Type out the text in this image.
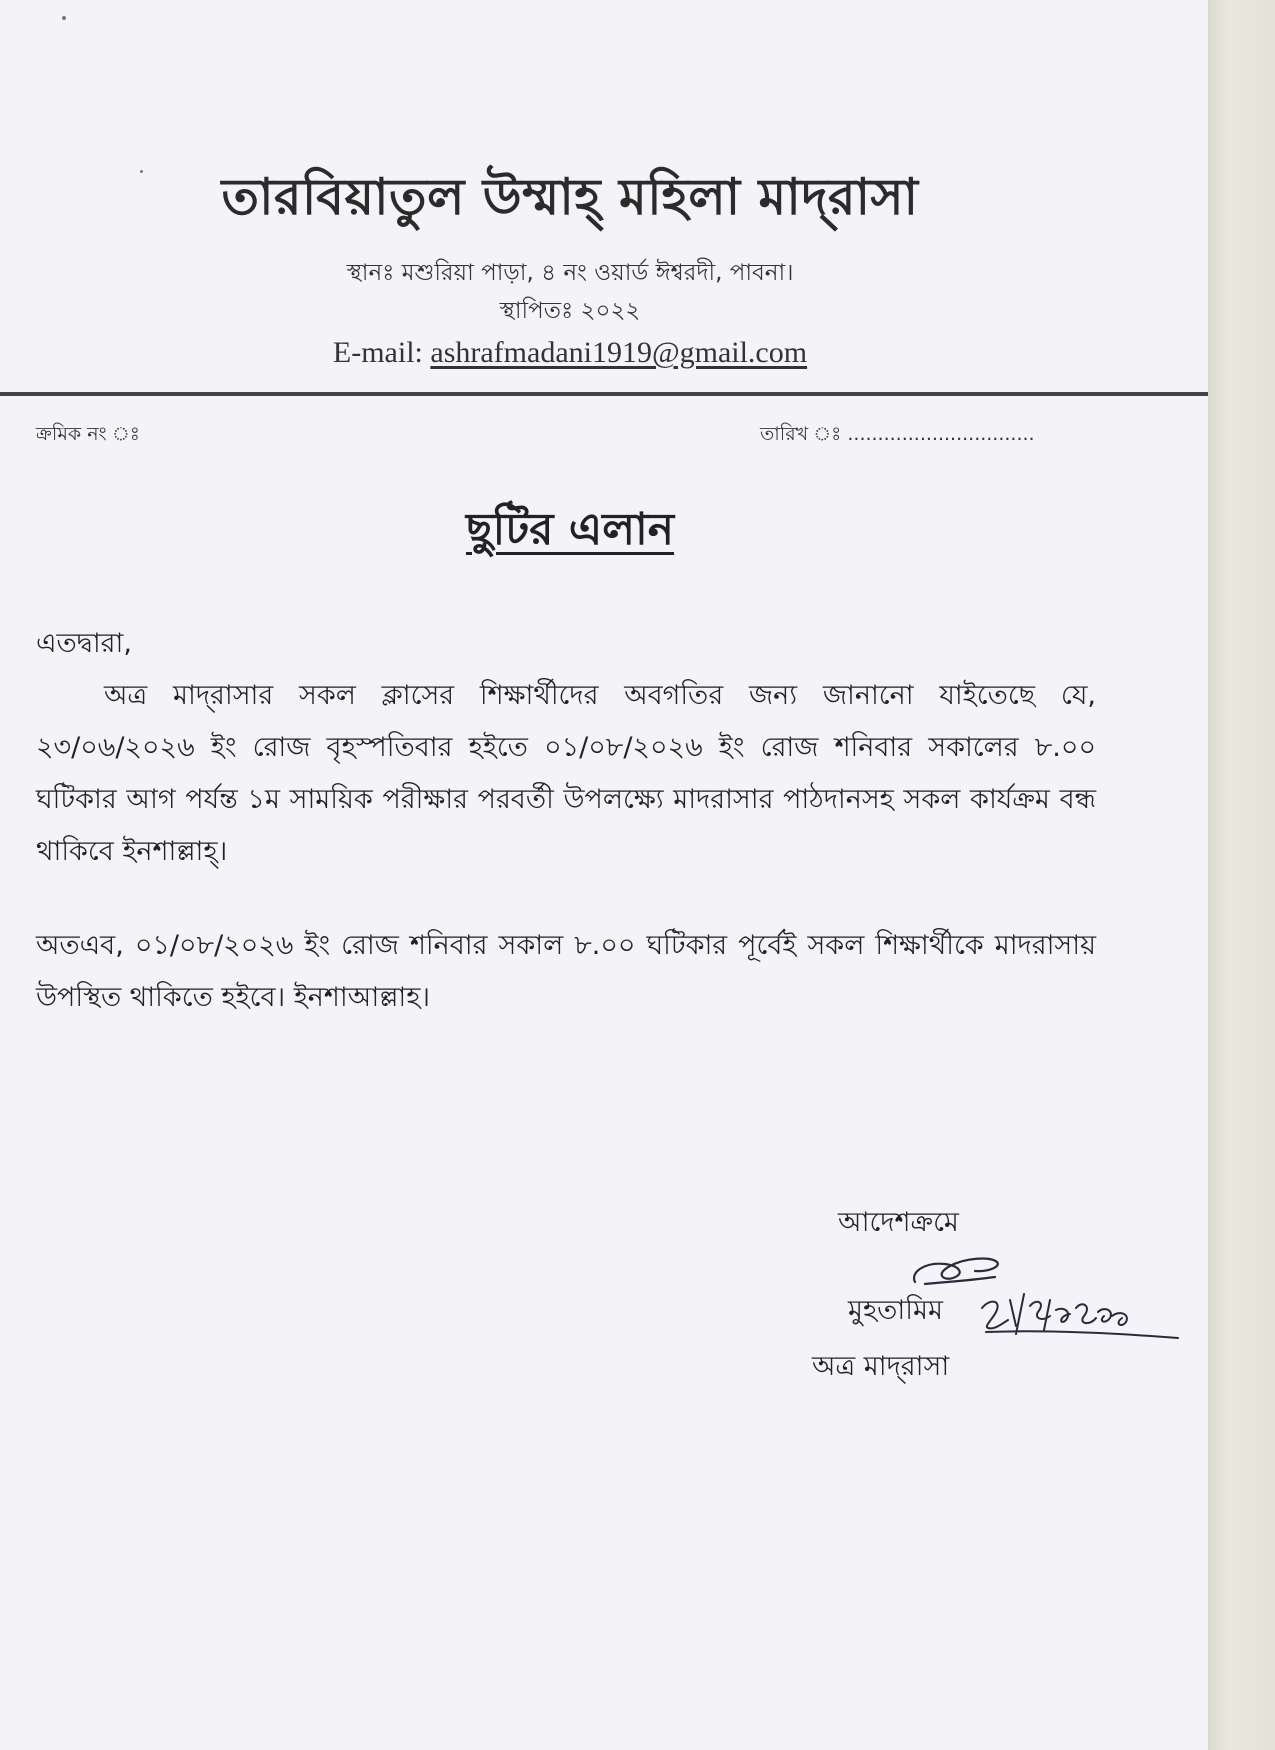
তারবিয়াতুল উম্মাহ্‌ মহিলা মাদ্‌রাসা
স্থানঃ মশুরিয়া পাড়া, ৪ নং ওয়ার্ড ঈশ্বরদী, পাবনা।
স্থাপিতঃ ২০২২
E-mail: ashrafmadani1919@gmail.com
ক্রমিক নং ঃ	তারিখ ঃ ...............................
ছুটির এলান
এতদ্বারা,
অত্র মাদ্‌রাসার সকল ক্লাসের শিক্ষার্থীদের অবগতির জন্য জানানো যাইতেছে যে, ২৩/০৬/২০২৬ ইং রোজ বৃহস্পতিবার হইতে ০১/০৮/২০২৬ ইং রোজ শনিবার সকালের ৮.০০ ঘটিকার আগ পর্যন্ত ১ম সাময়িক পরীক্ষার পরবর্তী উপলক্ষ্যে মাদরাসার পাঠদানসহ সকল কার্যক্রম বন্ধ থাকিবে ইনশাল্লাহ্‌।
অতএব, ০১/০৮/২০২৬ ইং রোজ শনিবার সকাল ৮.০০ ঘটিকার পূর্বেই সকল শিক্ষার্থীকে মাদরাসায় উপস্থিত থাকিতে হইবে। ইনশাআল্লাহ।
আদেশক্রমে
মুহতামিম
অত্র মাদ্‌রাসা
